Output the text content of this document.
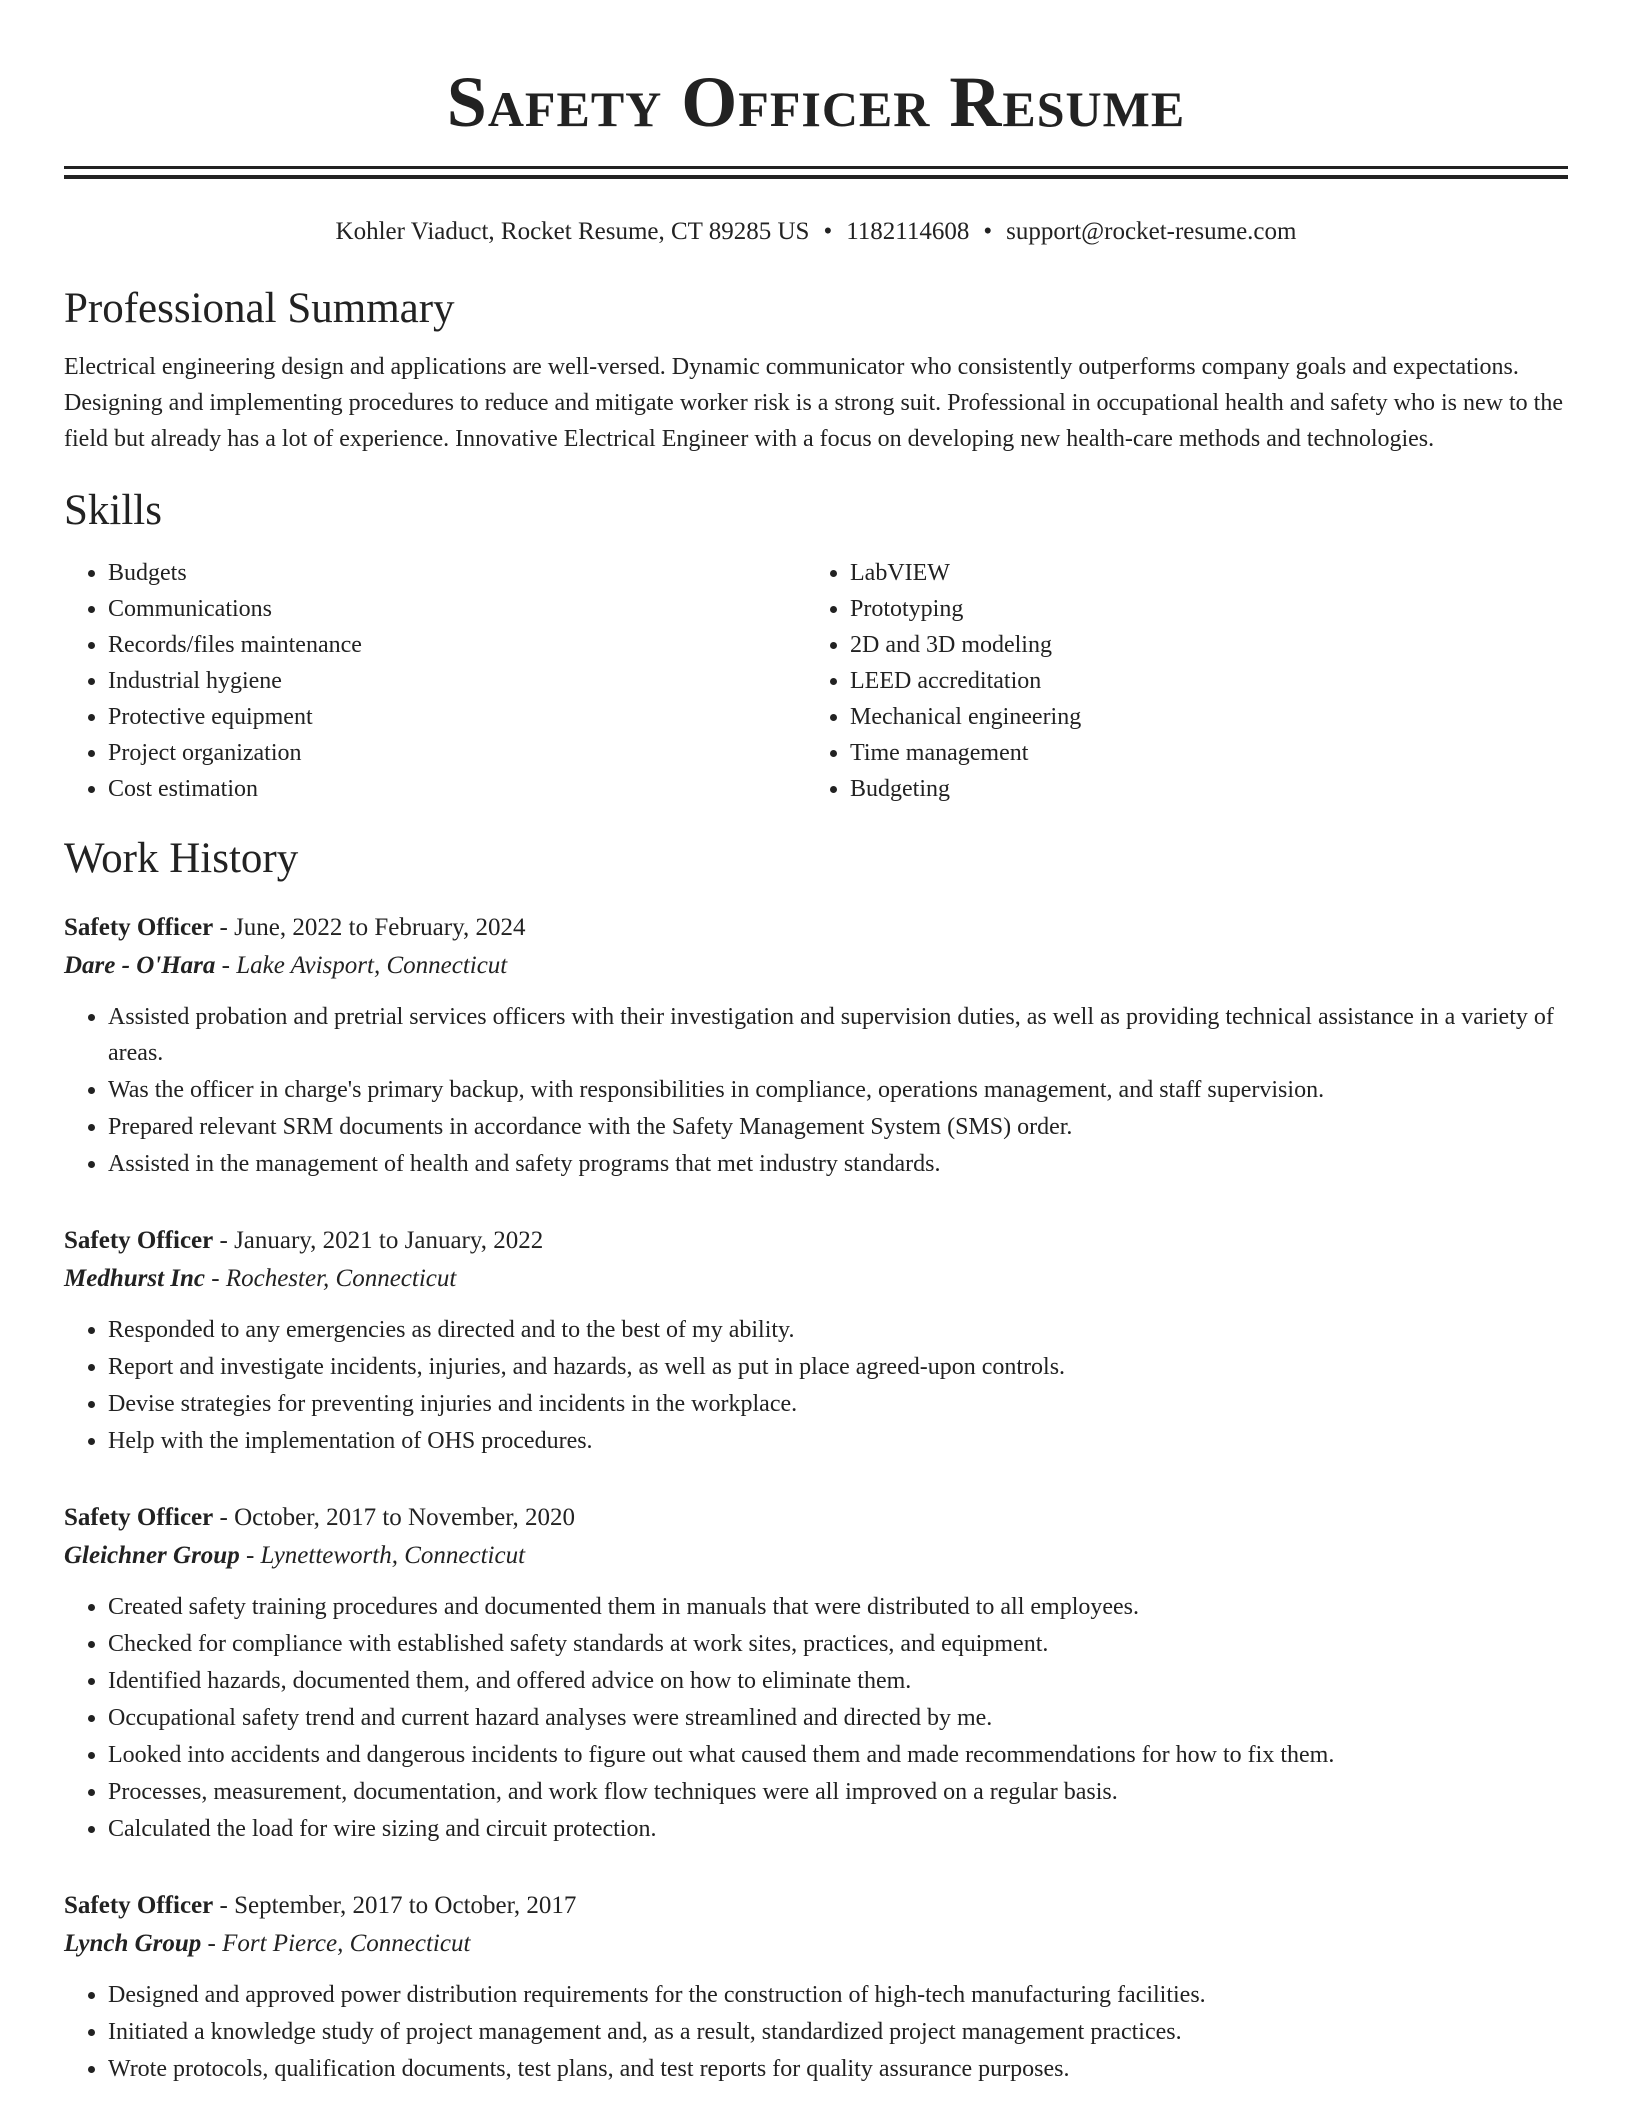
Safety Officer Resume
Kohler Viaduct, Rocket Resume, CT 89285 US • 1182114608 • support@rocket-resume.com
Professional Summary

Electrical engineering design and applications are well-versed. Dynamic communicator who consistently outperforms company goals and expectations. Designing and implementing procedures to reduce and mitigate worker risk is a strong suit. Professional in occupational health and safety who is new to the field but already has a lot of experience. Innovative Electrical Engineer with a focus on developing new health-care methods and technologies.

Skills
• Budgets
• Communications
• Records/files maintenance
• Industrial hygiene
• Protective equipment
• Project organization
• Cost estimation
• LabVIEW
• Prototyping
• 2D and 3D modeling
• LEED accreditation
• Mechanical engineering
• Time management
• Budgeting
Work History
Safety Officer - June, 2022 to February, 2024
Dare - O'Hara - Lake Avisport, Connecticut
• Assisted probation and pretrial services officers with their investigation and supervision duties, as well as providing technical assistance in a variety of areas.
• Was the officer in charge's primary backup, with responsibilities in compliance, operations management, and staff supervision.
• Prepared relevant SRM documents in accordance with the Safety Management System (SMS) order.
• Assisted in the management of health and safety programs that met industry standards.
Safety Officer - January, 2021 to January, 2022
Medhurst Inc - Rochester, Connecticut
• Responded to any emergencies as directed and to the best of my ability.
• Report and investigate incidents, injuries, and hazards, as well as put in place agreed-upon controls.
• Devise strategies for preventing injuries and incidents in the workplace.
• Help with the implementation of OHS procedures.
Safety Officer - October, 2017 to November, 2020
Gleichner Group - Lynetteworth, Connecticut
• Created safety training procedures and documented them in manuals that were distributed to all employees.
• Checked for compliance with established safety standards at work sites, practices, and equipment.
• Identified hazards, documented them, and offered advice on how to eliminate them.
• Occupational safety trend and current hazard analyses were streamlined and directed by me.
• Looked into accidents and dangerous incidents to figure out what caused them and made recommendations for how to fix them.
• Processes, measurement, documentation, and work flow techniques were all improved on a regular basis.
• Calculated the load for wire sizing and circuit protection.
Safety Officer - September, 2017 to October, 2017
Lynch Group - Fort Pierce, Connecticut
• Designed and approved power distribution requirements for the construction of high-tech manufacturing facilities.
• Initiated a knowledge study of project management and, as a result, standardized project management practices.
• Wrote protocols, qualification documents, test plans, and test reports for quality assurance purposes.
